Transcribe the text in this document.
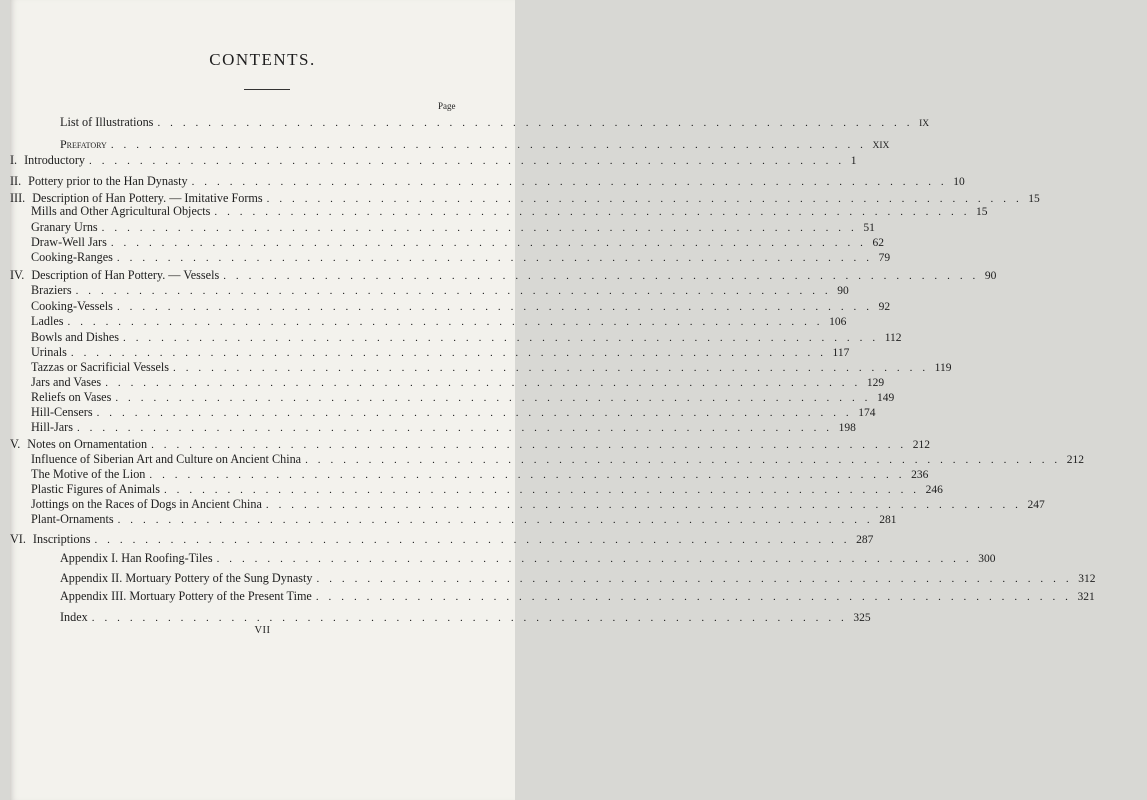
CONTENTS.
Page
List of Illustrations . . . . . . . . . . . . . . . . . . . . . . . . . . . . . . . . . . . . . . . . . . . . . . . . . . . . . . . . . . . . IX
Prefatory . . . . . . . . . . . . . . . . . . . . . . . . . . . . . . . . . . . . . . . . . . . . . . . . . . . . . . . . . . . . XIX
I. Introductory . . . . . . . . . . . . . . . . . . . . . . . . . . . . . . . . . . . . . . . . . . . . . . . . . . . . . . . . . . . . 1
II. Pottery prior to the Han Dynasty . . . . . . . . . . . . . . . . . . . . . . . . . . . . . . . . . . . . . . . . . . . . . . . . . . . . . . . . . . . . 10
III. Description of Han Pottery. — Imitative Forms . . . . . . . . . . . . . . . . . . . . . . . . . . . . . . . . . . . . . . . . . . . . . . . . . . . . . . . . . . . . 15
Mills and Other Agricultural Objects . . . . . . . . . . . . . . . . . . . . . . . . . . . . . . . . . . . . . . . . . . . . . . . . . . . . . . . . . . . . 15
Granary Urns . . . . . . . . . . . . . . . . . . . . . . . . . . . . . . . . . . . . . . . . . . . . . . . . . . . . . . . . . . . . 51
Draw-Well Jars . . . . . . . . . . . . . . . . . . . . . . . . . . . . . . . . . . . . . . . . . . . . . . . . . . . . . . . . . . . . 62
Cooking-Ranges . . . . . . . . . . . . . . . . . . . . . . . . . . . . . . . . . . . . . . . . . . . . . . . . . . . . . . . . . . . . 79
IV. Description of Han Pottery. — Vessels . . . . . . . . . . . . . . . . . . . . . . . . . . . . . . . . . . . . . . . . . . . . . . . . . . . . . . . . . . . . 90
Braziers . . . . . . . . . . . . . . . . . . . . . . . . . . . . . . . . . . . . . . . . . . . . . . . . . . . . . . . . . . . . 90
Cooking-Vessels . . . . . . . . . . . . . . . . . . . . . . . . . . . . . . . . . . . . . . . . . . . . . . . . . . . . . . . . . . . . 92
Ladles . . . . . . . . . . . . . . . . . . . . . . . . . . . . . . . . . . . . . . . . . . . . . . . . . . . . . . . . . . . . 106
Bowls and Dishes . . . . . . . . . . . . . . . . . . . . . . . . . . . . . . . . . . . . . . . . . . . . . . . . . . . . . . . . . . . . 112
Urinals . . . . . . . . . . . . . . . . . . . . . . . . . . . . . . . . . . . . . . . . . . . . . . . . . . . . . . . . . . . . 117
Tazzas or Sacrificial Vessels . . . . . . . . . . . . . . . . . . . . . . . . . . . . . . . . . . . . . . . . . . . . . . . . . . . . . . . . . . . . 119
Jars and Vases . . . . . . . . . . . . . . . . . . . . . . . . . . . . . . . . . . . . . . . . . . . . . . . . . . . . . . . . . . . . 129
Reliefs on Vases . . . . . . . . . . . . . . . . . . . . . . . . . . . . . . . . . . . . . . . . . . . . . . . . . . . . . . . . . . . . 149
Hill-Censers . . . . . . . . . . . . . . . . . . . . . . . . . . . . . . . . . . . . . . . . . . . . . . . . . . . . . . . . . . . . 174
Hill-Jars . . . . . . . . . . . . . . . . . . . . . . . . . . . . . . . . . . . . . . . . . . . . . . . . . . . . . . . . . . . . 198
V. Notes on Ornamentation . . . . . . . . . . . . . . . . . . . . . . . . . . . . . . . . . . . . . . . . . . . . . . . . . . . . . . . . . . . . 212
Influence of Siberian Art and Culture on Ancient China . . . . . . . . . . . . . . . . . . . . . . . . . . . . . . . . . . . . . . . . . . . . . . . . . . . . . . . . . . . . 212
The Motive of the Lion . . . . . . . . . . . . . . . . . . . . . . . . . . . . . . . . . . . . . . . . . . . . . . . . . . . . . . . . . . . . 236
Plastic Figures of Animals . . . . . . . . . . . . . . . . . . . . . . . . . . . . . . . . . . . . . . . . . . . . . . . . . . . . . . . . . . . . 246
Jottings on the Races of Dogs in Ancient China . . . . . . . . . . . . . . . . . . . . . . . . . . . . . . . . . . . . . . . . . . . . . . . . . . . . . . . . . . . . 247
Plant-Ornaments . . . . . . . . . . . . . . . . . . . . . . . . . . . . . . . . . . . . . . . . . . . . . . . . . . . . . . . . . . . . 281
VI. Inscriptions . . . . . . . . . . . . . . . . . . . . . . . . . . . . . . . . . . . . . . . . . . . . . . . . . . . . . . . . . . . . 287
Appendix I. Han Roofing-Tiles . . . . . . . . . . . . . . . . . . . . . . . . . . . . . . . . . . . . . . . . . . . . . . . . . . . . . . . . . . . . 300
Appendix II. Mortuary Pottery of the Sung Dynasty . . . . . . . . . . . . . . . . . . . . . . . . . . . . . . . . . . . . . . . . . . . . . . . . . . . . . . . . . . . . 312
Appendix III. Mortuary Pottery of the Present Time . . . . . . . . . . . . . . . . . . . . . . . . . . . . . . . . . . . . . . . . . . . . . . . . . . . . . . . . . . . . 321
Index . . . . . . . . . . . . . . . . . . . . . . . . . . . . . . . . . . . . . . . . . . . . . . . . . . . . . . . . . . . . 325
VII
